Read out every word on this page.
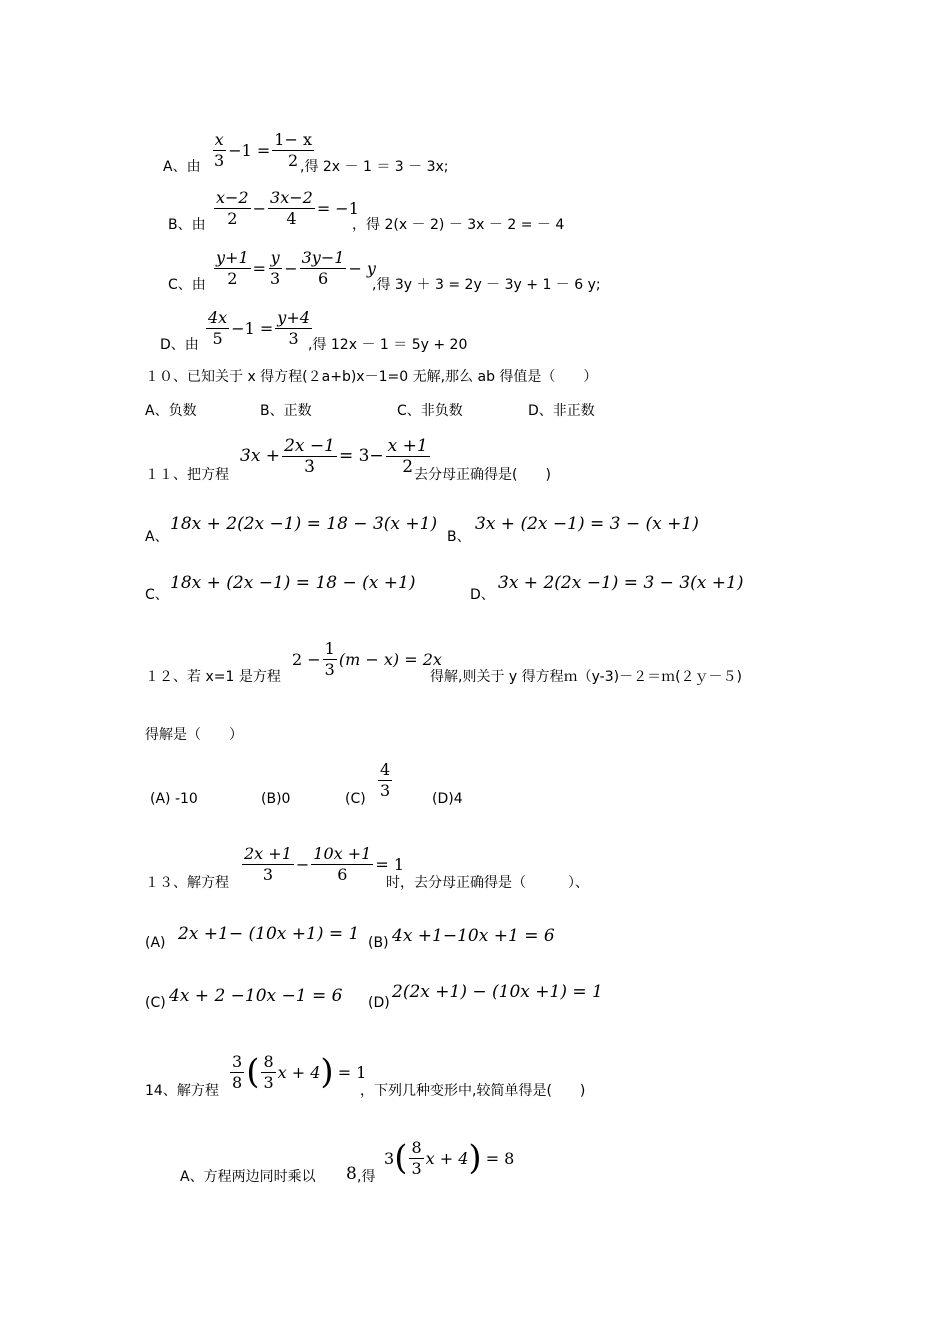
A、由 $\frac{x}{3} -1 = \frac{1- x}{2}$
,得 2x － 1 ＝ 3 － 3x;
B、由 $\frac{x-2}{2} - \frac{3x-2}{4} = -1$
，得 2(x － 2) － 3x － 2 = － 4
C、由 $\frac{y+1}{2} = \frac{y}{3} - \frac{3y-1}{6} - y$
,得 3y ＋ 3 = 2y － 3y + 1 － 6 y;
D、由 $\frac{4x}{5} -1 = \frac{y+4}{3}$
,得 12x － 1 ＝ 5y + 20
１０、已知关于 x 得方程(２a+b)x－1=0 无解,那么 ab 得值是（　　）
A、负数	B、正数	C、非负数	D、非正数
１１、把方程
$3x + \frac{2x -1}{3} = 3- \frac{x +1}{2}$
去分母正确得是(　　)
A、
18x + 2(2x −1) = 18 − 3(x +1)
B、
3x + (2x −1) = 3 − (x +1)
C、
18x + (2x −1) = 18 − (x +1)
D、
3x + 2(2x −1) = 3 − 3(x +1)
１２、若 x=1 是方程
$2 - \frac{1}{3} (m - x) = 2x$
得解,则关于 y 得方程ｍ（y-3)－２＝ｍ(２ｙ－５)
得解是（　　）
(A) -10	(B)0	$(C) \frac{4}{3}$	(D)4
１３、解方程 $\frac{2x +1}{3} - \frac{10x +1}{6} = 1$
时，去分母正确得是（　　　）、
(A) 2x +1− (10x +1) = 1 (B) 4x +1−10x +1 = 6
(C) 4x + 2 −10x −1 = 6 (D)
2(2x +1) − (10x +1) = 1
14、解方程 $\frac{3}{8}$ ( $\frac{8}{3}$ x + 4 ) = 1
，下列几种变形中,较简单得是(　　)
A、方程两边同时乘以 8 ,得
3 ( $\frac{8}{3}$ x + 4 ) = 8
